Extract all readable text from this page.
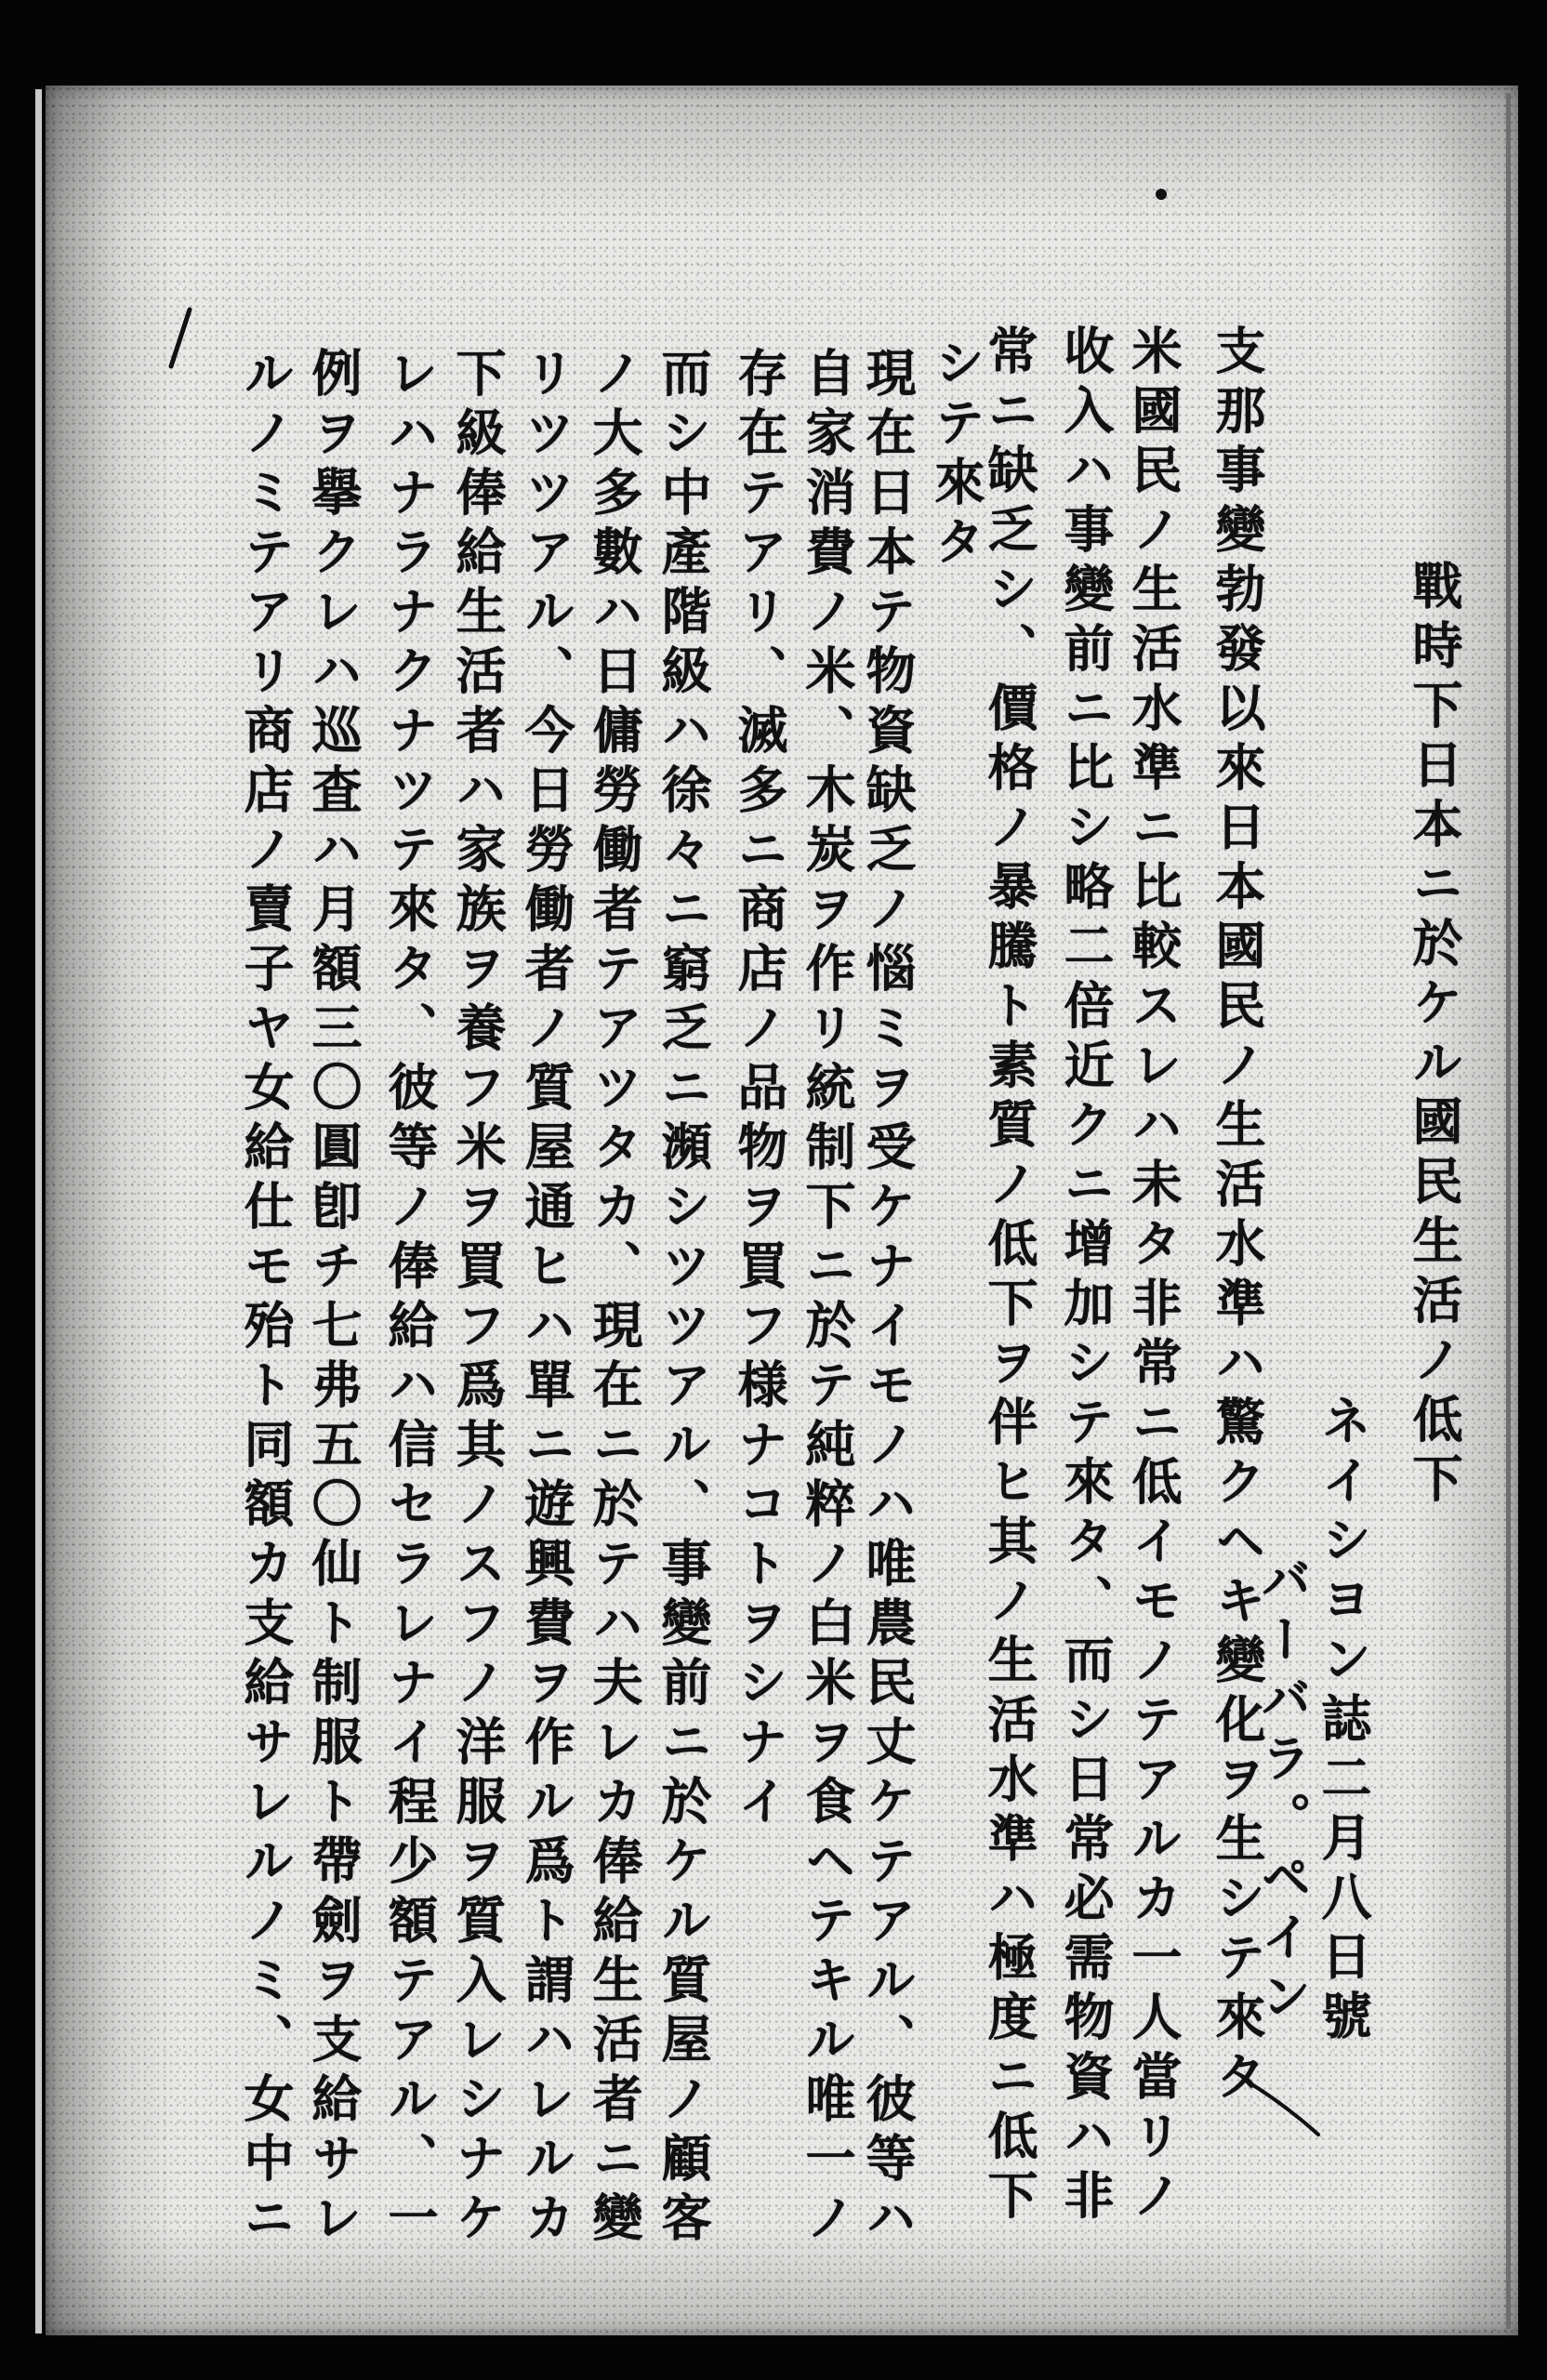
戰時下日本ニ於ケル國民生活ノ低下
ネイシヨン誌二月八日號
バーバラ。ペイン
支那事變勃發以來日本國民ノ生活水準ハ驚クヘキ變化ヲ生シテ來タ
米國民ノ生活水準ニ比較スレハ未タ非常ニ低イモノテアルカ一人當リノ
收入ハ事變前ニ比シ略二倍近クニ增加シテ來タ、而シ日常必需物資ハ非
常ニ缺乏シ、價格ノ暴騰ト素質ノ低下ヲ伴ヒ其ノ生活水準ハ極度ニ低下
シテ來タ
現在日本テ物資缺乏ノ惱ミヲ受ケナイモノハ唯農民丈ケテアル、彼等ハ
自家消費ノ米、木炭ヲ作リ統制下ニ於テ純粹ノ白米ヲ食ヘテキル唯一ノ
存在テアリ、滅多ニ商店ノ品物ヲ買フ様ナコトヲシナイ
而シ中產階級ハ徐々ニ窮乏ニ瀕シツツアル、事變前ニ於ケル質屋ノ顧客
ノ大多數ハ日傭勞働者テアツタカ、現在ニ於テハ夫レカ俸給生活者ニ變
リツツアル、今日勞働者ノ質屋通ヒハ單ニ遊興費ヲ作ル爲ト謂ハレルカ
下級俸給生活者ハ家族ヲ養フ米ヲ買フ爲其ノスフノ洋服ヲ質入レシナケ
レハナラナクナツテ來タ、彼等ノ俸給ハ信セラレナイ程少額テアル、一
例ヲ擧クレハ巡査ハ月額三〇圓卽チ七弗五〇仙ト制服ト帶劍ヲ支給サレ
ルノミテアリ商店ノ賣子ヤ女給仕モ殆ト同額カ支給サレルノミ、女中ニ
